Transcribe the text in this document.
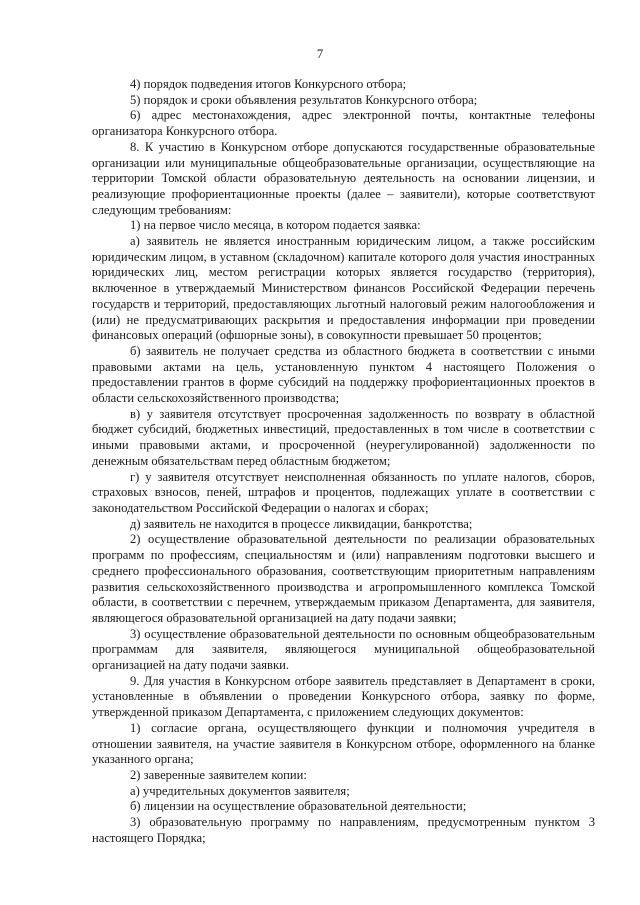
7

4) порядок подведения итогов Конкурсного отбора;

5) порядок и сроки объявления результатов Конкурсного отбора;

6) адрес местонахождения, адрес электронной почты, контактные телефоны организатора Конкурсного отбора.

8. К участию в Конкурсном отборе допускаются государственные образовательные организации или муниципальные общеобразовательные организации, осуществляющие на территории Томской области образовательную деятельность на основании лицензии, и реализующие профориентационные проекты (далее – заявители), которые соответствуют следующим требованиям:

1) на первое число месяца, в котором подается заявка:

а) заявитель не является иностранным юридическим лицом, а также российским юридическим лицом, в уставном (складочном) капитале которого доля участия иностранных юридических лиц, местом регистрации которых является государство (территория), включенное в утверждаемый Министерством финансов Российской Федерации перечень государств и территорий, предоставляющих льготный налоговый режим налогообложения и (или) не предусматривающих раскрытия и предоставления информации при проведении финансовых операций (офшорные зоны), в совокупности превышает 50 процентов;

б) заявитель не получает средства из областного бюджета в соответствии с иными правовыми актами на цель, установленную пунктом 4 настоящего Положения о предоставлении грантов в форме субсидий на поддержку профориентационных проектов в области сельскохозяйственного производства;

в) у заявителя отсутствует просроченная задолженность по возврату в областной бюджет субсидий, бюджетных инвестиций, предоставленных в том числе в соответствии с иными правовыми актами, и просроченной (неурегулированной) задолженности по денежным обязательствам перед областным бюджетом;

г) у заявителя отсутствует неисполненная обязанность по уплате налогов, сборов, страховых взносов, пеней, штрафов и процентов, подлежащих уплате в соответствии с законодательством Российской Федерации о налогах и сборах;

д) заявитель не находится в процессе ликвидации, банкротства;

2) осуществление образовательной деятельности по реализации образовательных программ по профессиям, специальностям и (или) направлениям подготовки высшего и среднего профессионального образования, соответствующим приоритетным направлениям развития сельскохозяйственного производства и агропромышленного комплекса Томской области, в соответствии с перечнем, утверждаемым приказом Департамента, для заявителя, являющегося образовательной организацией на дату подачи заявки;

3) осуществление образовательной деятельности по основным общеобразовательным программам для заявителя, являющегося муниципальной общеобразовательной организацией на дату подачи заявки.

9. Для участия в Конкурсном отборе заявитель представляет в Департамент в сроки, установленные в объявлении о проведении Конкурсного отбора, заявку по форме, утвержденной приказом Департамента, с приложением следующих документов:

1) согласие органа, осуществляющего функции и полномочия учредителя в отношении заявителя, на участие заявителя в Конкурсном отборе, оформленного на бланке указанного органа;

2) заверенные заявителем копии:

а) учредительных документов заявителя;

б) лицензии на осуществление образовательной деятельности;

3) образовательную программу по направлениям, предусмотренным пунктом 3 настоящего Порядка;
